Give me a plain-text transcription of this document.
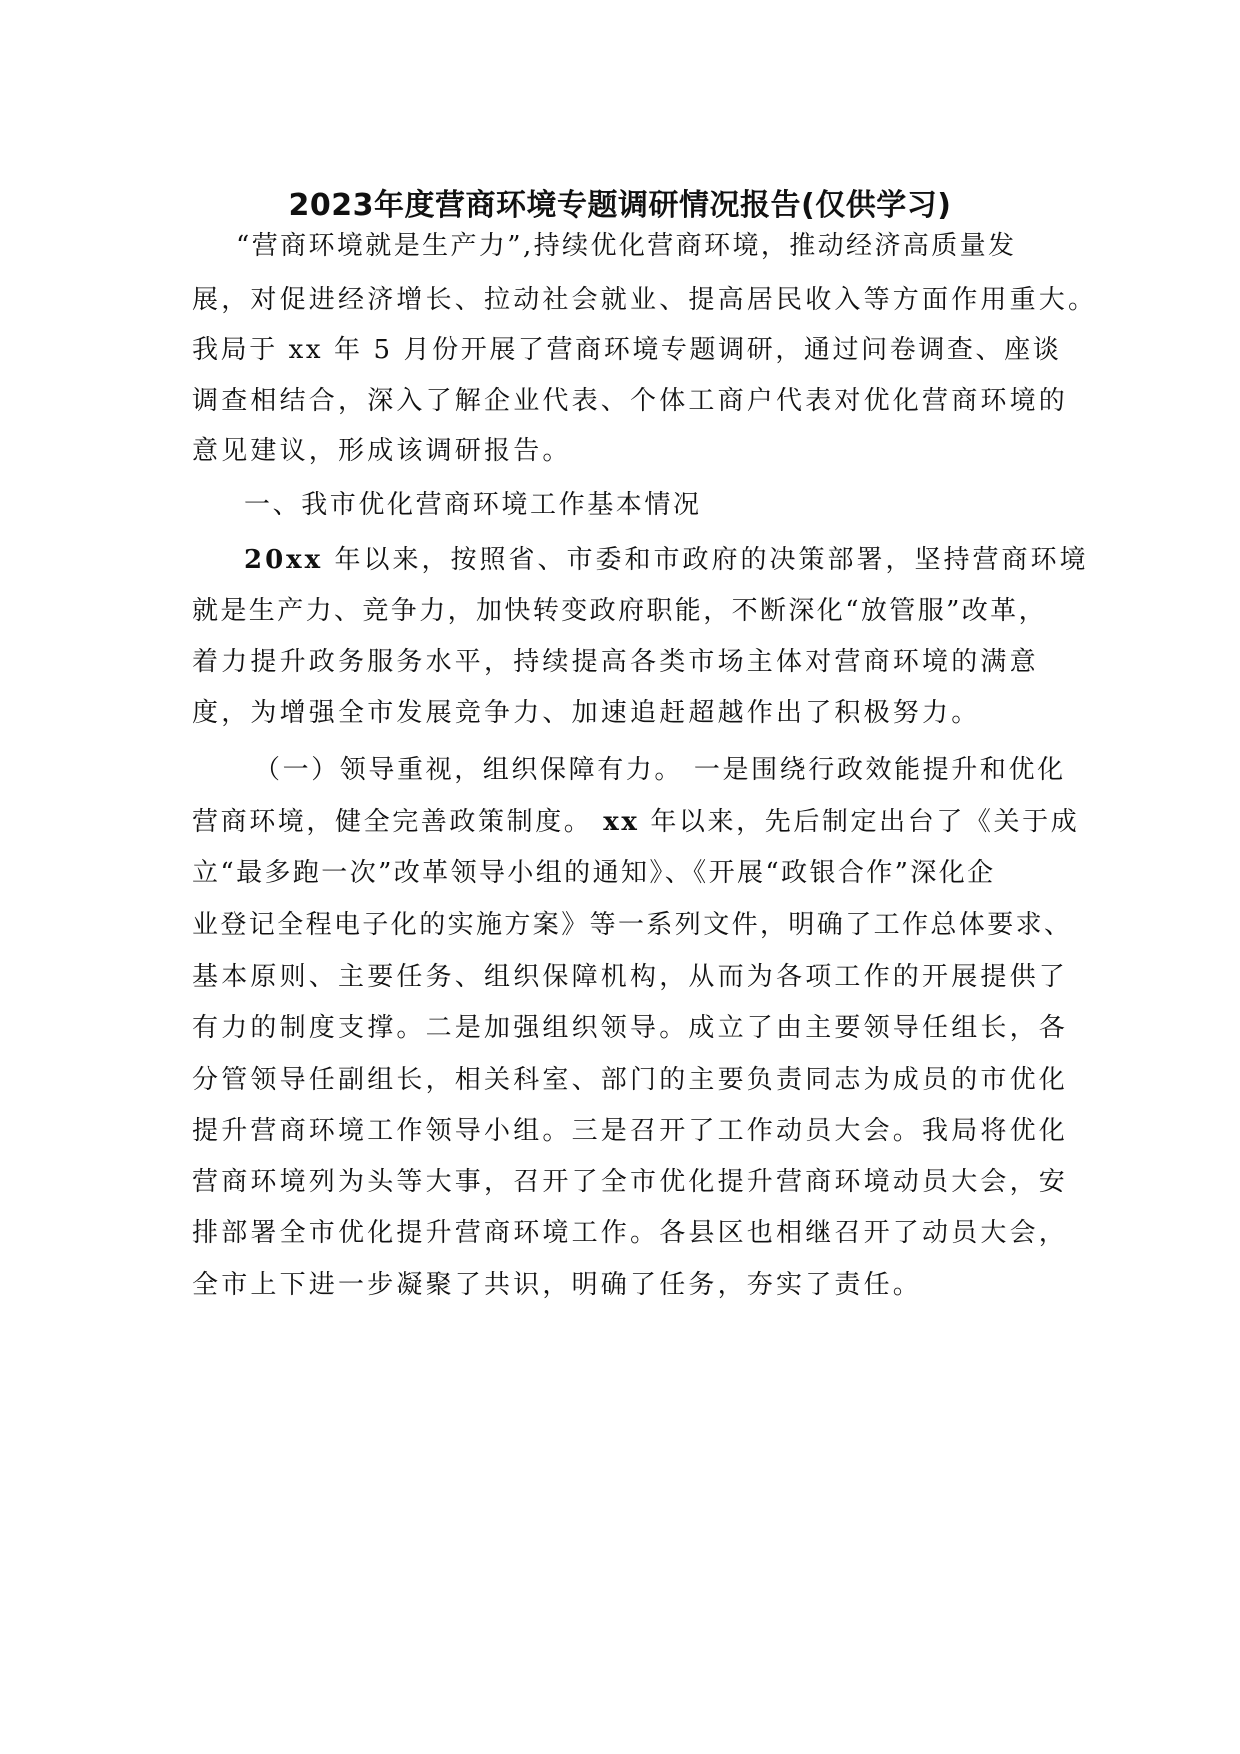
2023年度营商环境专题调研情况报告(仅供学习)
“营商环境就是生产力”,持续优化营商环境，推动经济高质量发
展，对促进经济增长、拉动社会就业、提高居民收入等方面作用重大。
我局于 xx 年 5 月份开展了营商环境专题调研，通过问卷调查、座谈
调查相结合，深入了解企业代表、个体工商户代表对优化营商环境的
意见建议，形成该调研报告。
一、我市优化营商环境工作基本情况
20xx 年以来，按照省、市委和市政府的决策部署，坚持营商环境
就是生产力、竞争力，加快转变政府职能，不断深化“放管服”改革，
着力提升政务服务水平，持续提高各类市场主体对营商环境的满意
度，为增强全市发展竞争力、加速追赶超越作出了积极努力。
（一）领导重视，组织保障有力。 一是围绕行政效能提升和优化
营商环境，健全完善政策制度。 xx 年以来，先后制定出台了《关于成
立“最多跑一次”改革领导小组的通知》、《开展“政银合作”深化企
业登记全程电子化的实施方案》等一系列文件，明确了工作总体要求、
基本原则、主要任务、组织保障机构，从而为各项工作的开展提供了
有力的制度支撑。二是加强组织领导。成立了由主要领导任组长，各
分管领导任副组长，相关科室、部门的主要负责同志为成员的市优化
提升营商环境工作领导小组。三是召开了工作动员大会。我局将优化
营商环境列为头等大事，召开了全市优化提升营商环境动员大会，安
排部署全市优化提升营商环境工作。各县区也相继召开了动员大会，
全市上下进一步凝聚了共识，明确了任务，夯实了责任。
